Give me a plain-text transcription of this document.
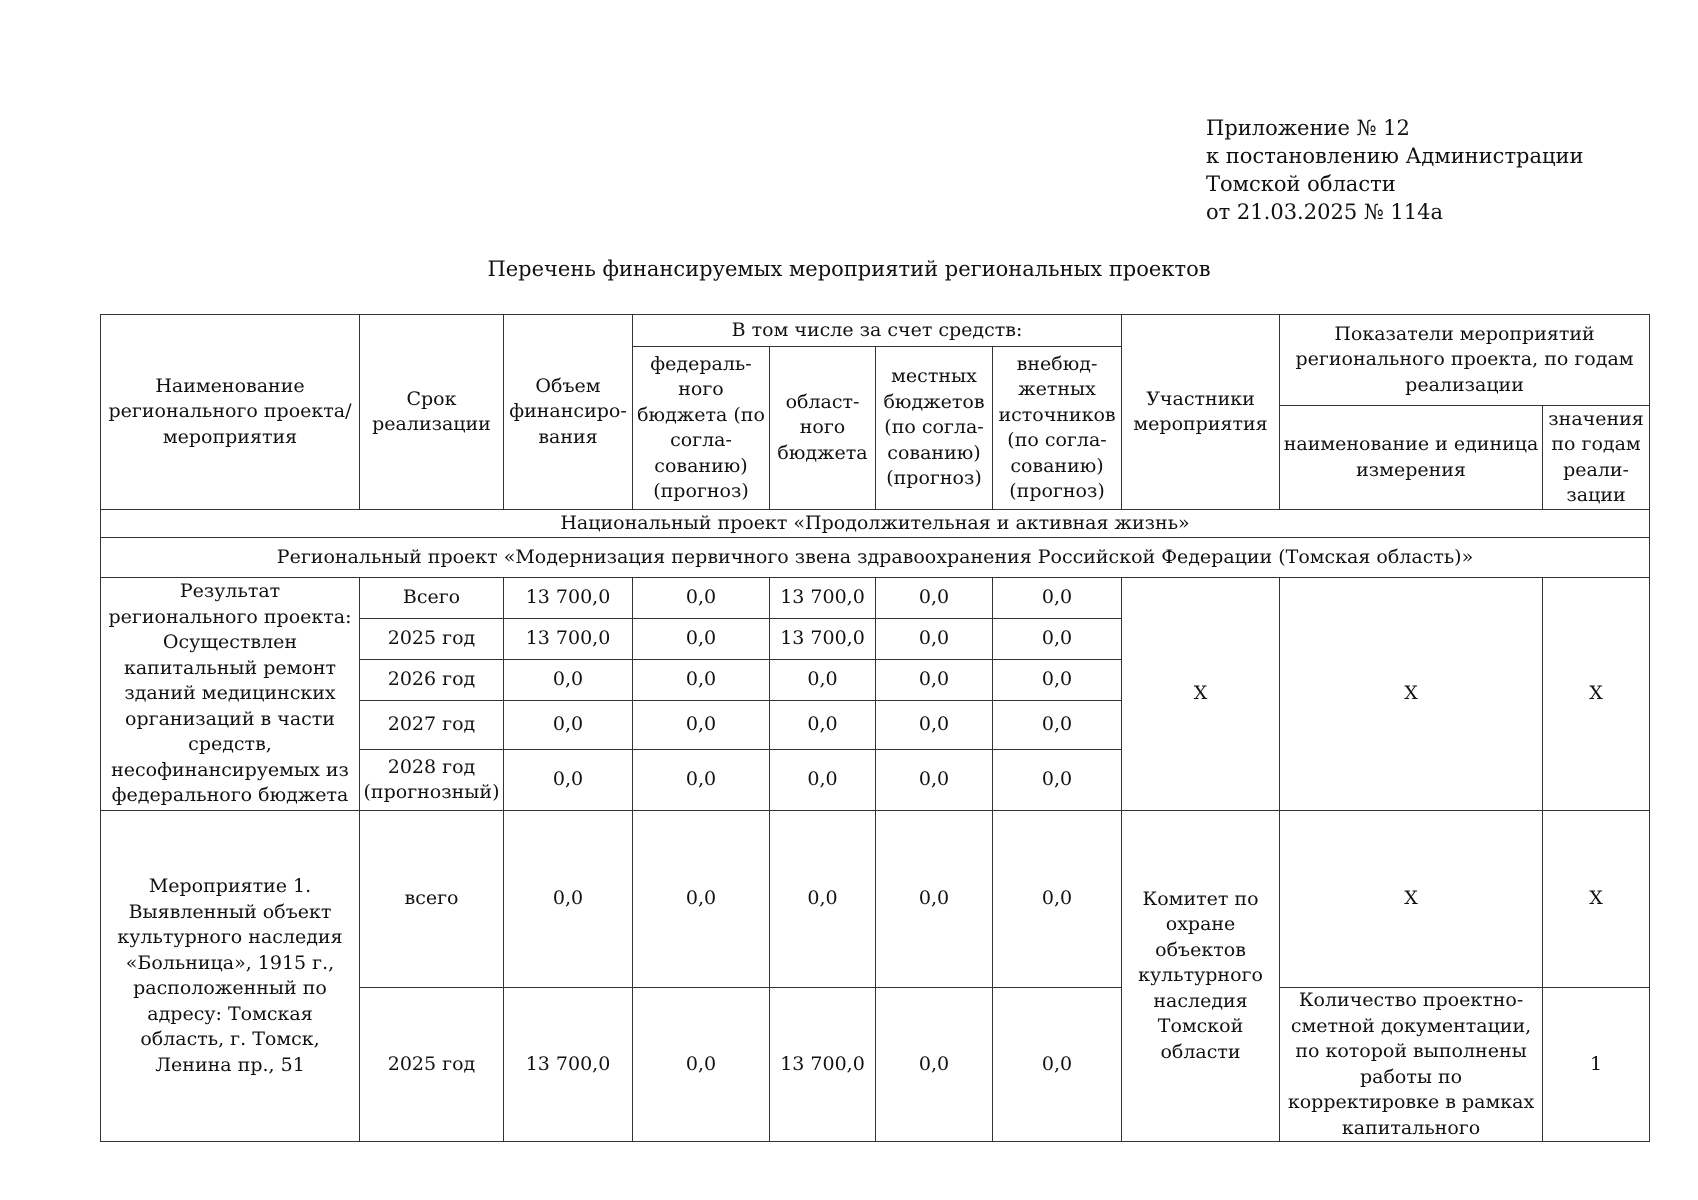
Приложение № 12
к постановлению Администрации
Томской области
от 21.03.2025 № 114а
Перечень финансируемых мероприятий региональных проектов
Наименование регионального проекта/ мероприятия	Срок реализации	Объем финансиро-вания	В том числе за счет средств:				Участники мероприятия	Показатели мероприятий регионального проекта, по годам реализации	
			федераль-ного бюджета (по согла-сованию) (прогноз)	област-ного бюджета	местных бюджетов (по согла-сованию) (прогноз)	внебюд-жетных источников (по согла-сованию) (прогноз)			
								наименование и единица измерения	значения по годам реали-зации
Национальный проект «Продолжительная и активная жизнь»									
Региональный проект «Модернизация первичного звена здравоохранения Российской Федерации (Томская область)»									
Результат регионального проекта: Осуществлен капитальный ремонт зданий медицинских организаций в части средств, несофинансируемых из федерального бюджета	Всего	13 700,0	0,0	13 700,0	0,0	0,0	Х	Х	Х
	2025 год	13 700,0	0,0	13 700,0	0,0	0,0			
	2026 год	0,0	0,0	0,0	0,0	0,0			
	2027 год	0,0	0,0	0,0	0,0	0,0			
	2028 год (прогнозный)	0,0	0,0	0,0	0,0	0,0			
Мероприятие 1. Выявленный объект культурного наследия «Больница», 1915 г., расположенный по адресу: Томская область, г. Томск, Ленина пр., 51	всего	0,0	0,0	0,0	0,0	0,0	Комитет по охране объектов культурного наследия Томской области	Х	Х
	2025 год	13 700,0	0,0	13 700,0	0,0	0,0		Количество проектно-сметной документации, по которой выполнены работы по корректировке в рамках капитального	1
